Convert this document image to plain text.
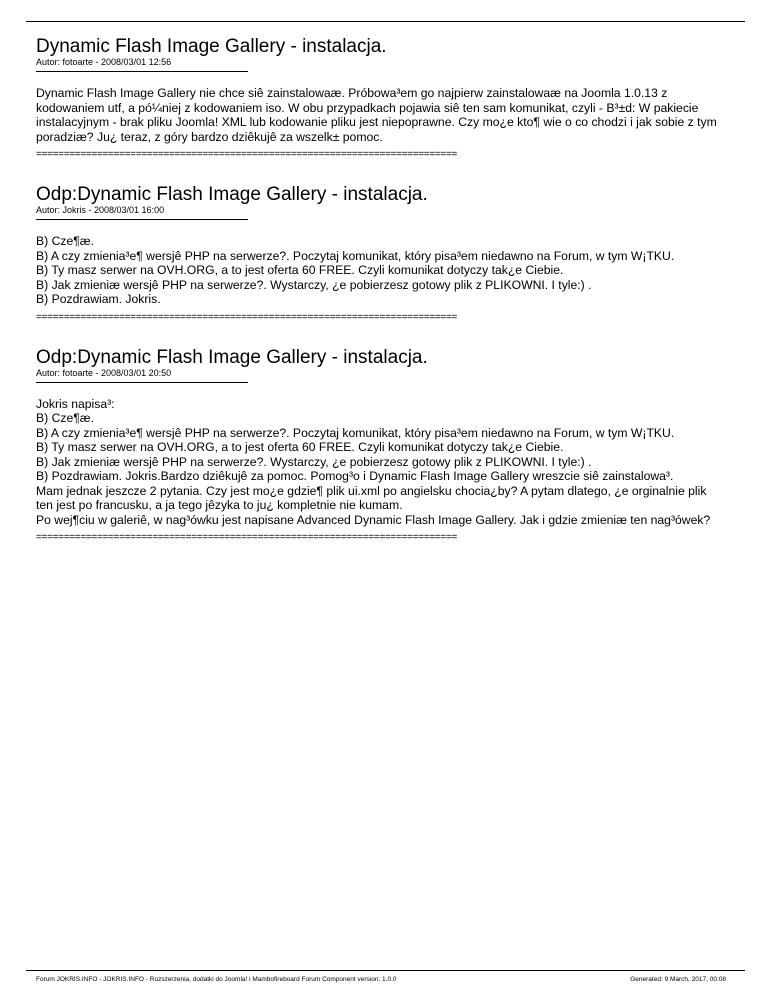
Dynamic Flash Image Gallery - instalacja.
Autor: fotoarte - 2008/03/01 12:56

Dynamic Flash Image Gallery nie chce siê zainstalowaæ. Próbowa³em go najpierw zainstalowaæ na Joomla 1.0.13 z kodowaniem utf, a pó¼niej z kodowaniem iso. W obu przypadkach pojawia siê ten sam komunikat, czyli - B³±d: W pakiecie instalacyjnym - brak pliku Joomla! XML lub kodowanie pliku jest niepoprawne. Czy mo¿e kto¶ wie o co chodzi i jak sobie z tym poradziæ? Ju¿ teraz, z góry bardzo dziêkujê za wszelk± pomoc.

============================================================================
Odp:Dynamic Flash Image Gallery - instalacja.
Autor: Jokris - 2008/03/01 16:00

B) Cze¶æ.

B) A czy zmienia³e¶ wersjê PHP na serwerze?. Poczytaj komunikat, który pisa³em niedawno na Forum, w tym W¡TKU.

B) Ty masz serwer na OVH.ORG, a to jest oferta 60 FREE. Czyli komunikat dotyczy tak¿e Ciebie.

B) Jak zmieniæ wersjê PHP na serwerze?. Wystarczy, ¿e pobierzesz gotowy plik z PLIKOWNI. I tyle:) .

B) Pozdrawiam. Jokris.

============================================================================
Odp:Dynamic Flash Image Gallery - instalacja.
Autor: fotoarte - 2008/03/01 20:50

Jokris napisa³:

B) Cze¶æ.

B) A czy zmienia³e¶ wersjê PHP na serwerze?. Poczytaj komunikat, który pisa³em niedawno na Forum, w tym W¡TKU.

B) Ty masz serwer na OVH.ORG, a to jest oferta 60 FREE. Czyli komunikat dotyczy tak¿e Ciebie.

B) Jak zmieniæ wersjê PHP na serwerze?. Wystarczy, ¿e pobierzesz gotowy plik z PLIKOWNI. I tyle:) .

B) Pozdrawiam. Jokris.Bardzo dziêkujê za pomoc. Pomog³o i Dynamic Flash Image Gallery wreszcie siê zainstalowa³.

Mam jednak jeszcze 2 pytania. Czy jest mo¿e gdzie¶ plik ui.xml po angielsku chocia¿by? A pytam dlatego, ¿e orginalnie plik ten jest po francusku, a ja tego jêzyka to ju¿ kompletnie nie kumam.

Po wej¶ciu w galeriê, w nag³ówku jest napisane Advanced Dynamic Flash Image Gallery. Jak i gdzie zmieniæ ten nag³ówek?

============================================================================
Forum JOKRIS.INFO - JOKRIS.INFO - Rozszerzenia, dodatki do Joomla! i Mambofireboard Forum Component version: 1.0.0	Generated: 9 March, 2017, 00:08
